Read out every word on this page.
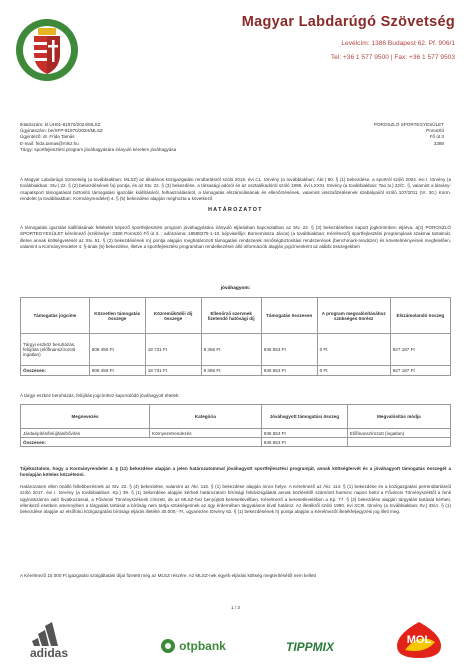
Magyar Labdarúgó Szövetség
Levélcím: 1386 Budapest 62. Pf. 906/1
Tel: +36 1 577 9500 | Fax: +36 1 577 9503
Iktatószám: kl.UH01-81970/2024/MLSZ
Ügyiratszám: be/SFP-81970/2024/MLSZ
Ügyintéző: dr. Frida Tamás
E-mail: frida.tamas@mlsz.hu
Tárgy: sportfejlesztési program jóváhagyására irányuló kérelem jóváhagyása
POROSZLÓ SPORTEGYESÜLET
Poroszló
Fő út 3
3388
A Magyar Labdarúgó Szövetség (a továbbiakban: MLSZ) az általános közigazgatási rendtartásról szóló 2016. évi CL. törvény (a továbbiakban: Ákr.) 80. § (1) bekezdése, a sportról szóló 2004. évi I. törvény (a továbbiakban: Stv.) 22. § (2) bekezdésének fa) pontja, és az Stv. 22. § (3) bekezdése, a társasági adóról és az osztalékadóról szóló 1996. évi LXXXI. törvény (a továbbiakban: Tao tv.) 22/C. §, valamint a látvány-csapatsport támogatását biztosító támogatási igazolás kiállításáról, felhasználásáról, a támogatás elszámolásának és ellenőrzésének, valamint visszafizetésének szabályairól szóló 107/2011 (VI. 30.) Korm. rendelet (a továbbiakban: Kormányrendelet) 4. § (5) bekezdése alapján meghozta a következő
HATÁROZATOT
A támogatási igazolás kiállításának feltételét képező sportfejlesztési program jóváhagyására irányuló eljárásban kapcsolatban az Stv. 22. § (3) bekezdésében kapott jogkörömben eljárva, a(z) POROSZLÓ SPORTEGYESÜLET kérelmező (székhelye: 3388 Poroszló Fő út 3. ; adószáma: 18588275-1-10, képviselője: Bornemissza János) (a továbbiakban: Kérelmező) sportfejlesztési programjának szakmai tartalmát, illetve annak költségvetését az Stv. 51. § (2) bekezdésének m) pontja alapján meghatározott támogatási rendszerek minőségbiztosítási rendszerének (benchmark-rendszer) és követelményeinek megfelelően, valamint a Kormányrendelet 4. §-ának (5) bekezdése, illetve a sportfejlesztési programban rendelkezésre álló információk alapján jogcímenként az alábbi összegekben
jóváhagyom:
Támogatás jogcíme	Közvetlen támogatás összege	Közreműködői díj összege	Ellenőrző szervnek fizetendő hatósági díj	Támogatás összesen	A program megvalósításához szükséges önrész	Elszámolandó összeg
Tárgyi eszköz beruházás, felújítás (előfinanszírozott ingatlan)	908 456 Ft	18 731 Ft	9 366 Ft	936 553 Ft	0 Ft	927 187 Ft
Összesen:	908 456 Ft	18 731 Ft	9 366 Ft	936 553 Ft	0 Ft	927 187 Ft
A tárgyi eszköz beruházás, felújítás jogcímhez kapcsolódó jóváhagyott tételek:
Megnevezés	Kategória	Jóváhagyott támogatási összeg	Megvalósítás módja
Járdaépítés/felújítás/bővítés	Környezetrendezés	936 553 Ft	Előfinanszírozott (ingatlan)
Összesen:		936 553 Ft	
Tájékoztatom, hogy a Kormányrendelet 4. § (11) bekezdése alapján a jelen határozatommal jóváhagyott sportfejlesztési programját, annak költségtervét és a jóváhagyott támogatás összegét a honlapján köteles közzétenni.
Határozatom ellen önálló fellebbezésnek az Stv. 22. § (4) bekezdése, valamint az Ákr. 116. § (1) bekezdése alapján nincs helye. A Kérelmező az Ákr. 114. § (1) bekezdése és a közigazgatási perrendtartásról szóló 2017. évi I. törvény (a továbbiakban: Kp.) 39. § (1) bekezdése alapján kérheti határozatom bírósági felülvizsgálatát annak közlésétől számított harminc napon belül a Fővárosi Törvényszéktől a fenti ügyiratszámra való hivatkozással, a Fővárosi Törvényszéknek címzett, de az MLSZ-hez benyújtott keresetlevélben. Kérelmező a keresetlevelében a Kp. 77. § (2) bekezdése alapján tárgyalás tartását kérheti, ellenkező esetben amennyiben a tárgyalás tartását a bíróság nem tartja szükségesnek az ügy érdemében tárgyaláson kívül határoz. Az illetékről szóló 1990. évi XCIII. törvény (a továbbiakban: Itv.) 45/A. § (1) bekezdése alapján az elsőfokú közigazgatási bírósági eljárás illetéke 30.000,- Ft, ugyanezen törvény 62. § (1) bekezdésének h) pontja alapján a Kérelmezőt illetékfeljegyzési jog illeti meg.
A Kérelmező 15 000 Ft igazgatási szolgáltatási díjat fizetett meg az MLSZ részére. Az MLSZ-nek egyéb eljárási költség megtérítésétől nem kellett
1 / 3
adidas	otpbank	TIPPMIX	MOL
